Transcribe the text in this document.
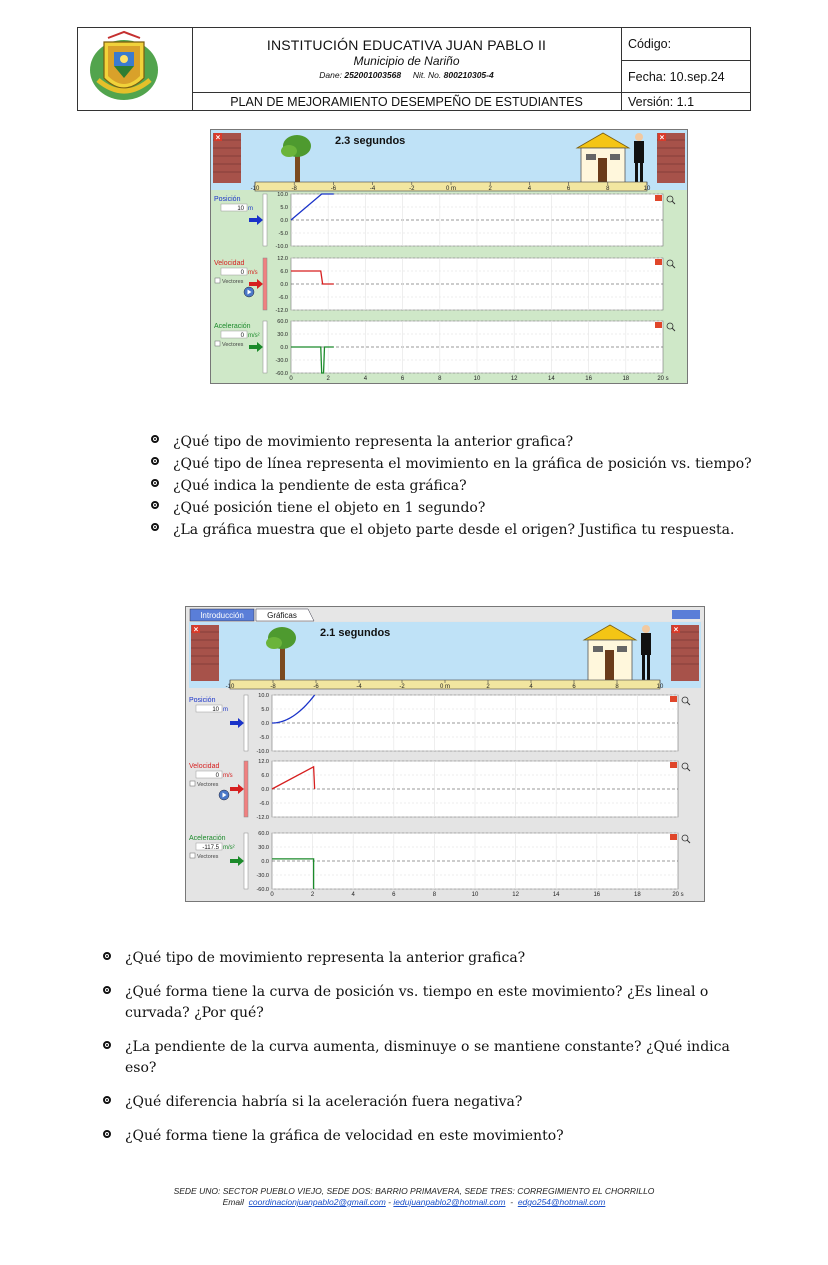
INSTITUCIÓN EDUCATIVA JUAN PABLO II
Municipio de Nariño
Dane: 252001003568 Nit. No. 800210305-4
PLAN DE MEJORAMIENTO DESEMPEÑO DE ESTUDIANTES
Código:
Fecha: 10.sep.24
Versión: 1.1
×	×
2.3 segundos
-10	-8	-6	-4	-2	0 m	2	4	6	8	10
Posición
10 m
10.0
5.0
0.0
-5.0
-10.0
Velocidad
0 m/s
Vectores
12.0
6.0
0.0
-6.0
-12.0
Aceleración
0 m/s²
Vectores
60.0
30.0
0.0
-30.0
-60.0
0	2	4	6	8	10	12	14	16	18	20 s
¿Qué tipo de movimiento representa la anterior grafica?
¿Qué tipo de línea representa el movimiento en la gráfica de posición vs. tiempo?
¿Qué indica la pendiente de esta gráfica?
¿Qué posición tiene el objeto en 1 segundo?
¿La gráfica muestra que el objeto parte desde el origen? Justifica tu respuesta.
Introducción	Gráficas
×	×
2.1 segundos
-10	-8	-6	-4	-2	0 m	2	4	6	8	10
Posición
10 m
10.0
5.0
0.0
-5.0
-10.0
Velocidad
0 m/s
Vectores
12.0
6.0
0.0
-6.0
-12.0
Aceleración
-117.5 m/s²
Vectores
60.0
30.0
0.0
-30.0
-60.0
0	2	4	6	8	10	12	14	16	18	20 s
¿Qué tipo de movimiento representa la anterior grafica?
¿Qué forma tiene la curva de posición vs. tiempo en este movimiento? ¿Es lineal o curvada? ¿Por qué?
¿La pendiente de la curva aumenta, disminuye o se mantiene constante? ¿Qué indica eso?
¿Qué diferencia habría si la aceleración fuera negativa?
¿Qué forma tiene la gráfica de velocidad en este movimiento?
SEDE UNO: SECTOR PUEBLO VIEJO, SEDE DOS: BARRIO PRIMAVERA, SEDE TRES: CORREGIMIENTO EL CHORRILLO
Email coordinacionjuanpablo2@gmail.com - iedujuanpablo2@hotmail.com - edgo254@hotmail.com
